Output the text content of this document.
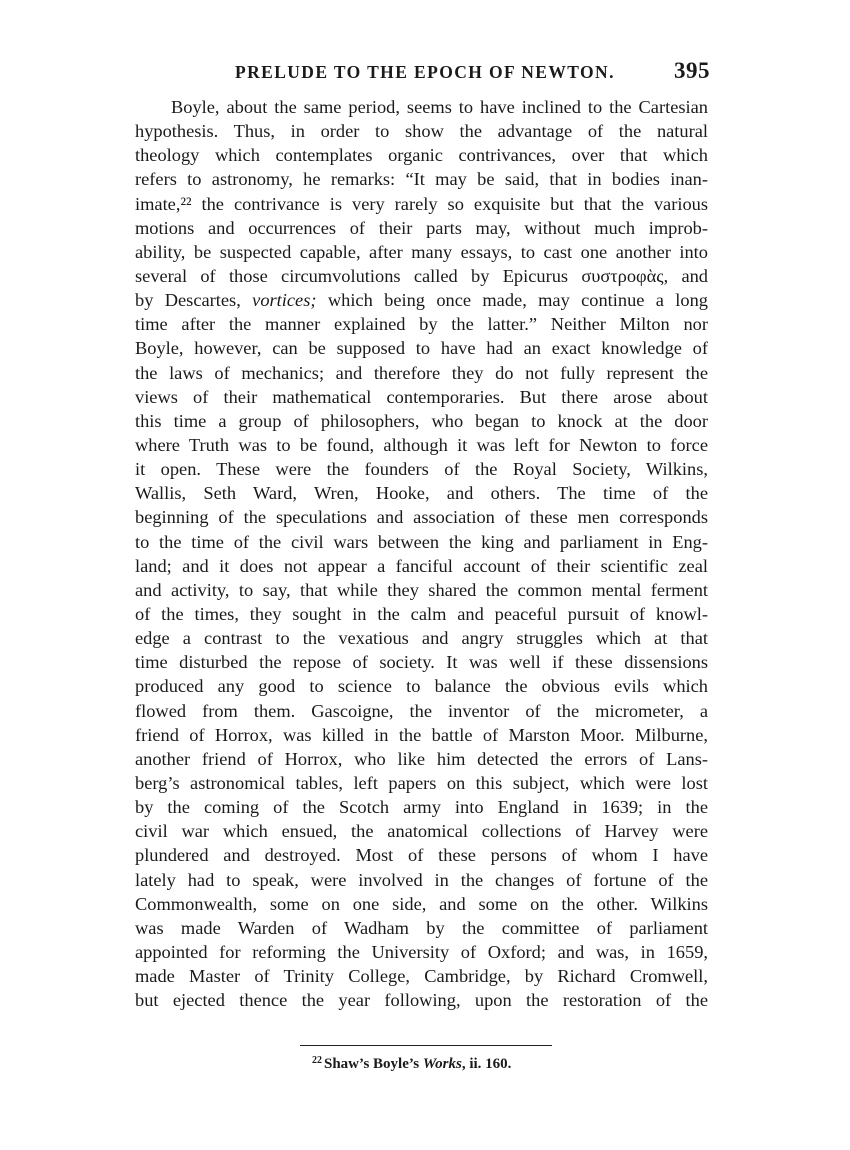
PRELUDE TO THE EPOCH OF NEWTON.	395
Boyle, about the same period, seems to have inclined to the Cartesian
hypothesis. Thus, in order to show the advantage of the natural
theology which contemplates organic contrivances, over that which
refers to astronomy, he remarks: “It may be said, that in bodies inan-
imate,²² the contrivance is very rarely so exquisite but that the various
motions and occurrences of their parts may, without much improb-
ability, be suspected capable, after many essays, to cast one another into
several of those circumvolutions called by Epicurus συστροφὰς, and
by Descartes, vortices; which being once made, may continue a long
time after the manner explained by the latter.” Neither Milton nor
Boyle, however, can be supposed to have had an exact knowledge of
the laws of mechanics; and therefore they do not fully represent the
views of their mathematical contemporaries. But there arose about
this time a group of philosophers, who began to knock at the door
where Truth was to be found, although it was left for Newton to force
it open. These were the founders of the Royal Society, Wilkins,
Wallis, Seth Ward, Wren, Hooke, and others. The time of the
beginning of the speculations and association of these men corresponds
to the time of the civil wars between the king and parliament in Eng-
land; and it does not appear a fanciful account of their scientific zeal
and activity, to say, that while they shared the common mental ferment
of the times, they sought in the calm and peaceful pursuit of knowl-
edge a contrast to the vexatious and angry struggles which at that
time disturbed the repose of society. It was well if these dissensions
produced any good to science to balance the obvious evils which
flowed from them. Gascoigne, the inventor of the micrometer, a
friend of Horrox, was killed in the battle of Marston Moor. Milburne,
another friend of Horrox, who like him detected the errors of Lans-
berg’s astronomical tables, left papers on this subject, which were lost
by the coming of the Scotch army into England in 1639; in the
civil war which ensued, the anatomical collections of Harvey were
plundered and destroyed. Most of these persons of whom I have
lately had to speak, were involved in the changes of fortune of the
Commonwealth, some on one side, and some on the other. Wilkins
was made Warden of Wadham by the committee of parliament
appointed for reforming the University of Oxford; and was, in 1659,
made Master of Trinity College, Cambridge, by Richard Cromwell,
but ejected thence the year following, upon the restoration of the
$^{22}$ Shaw’s Boyle’s Works, ii. 160.
